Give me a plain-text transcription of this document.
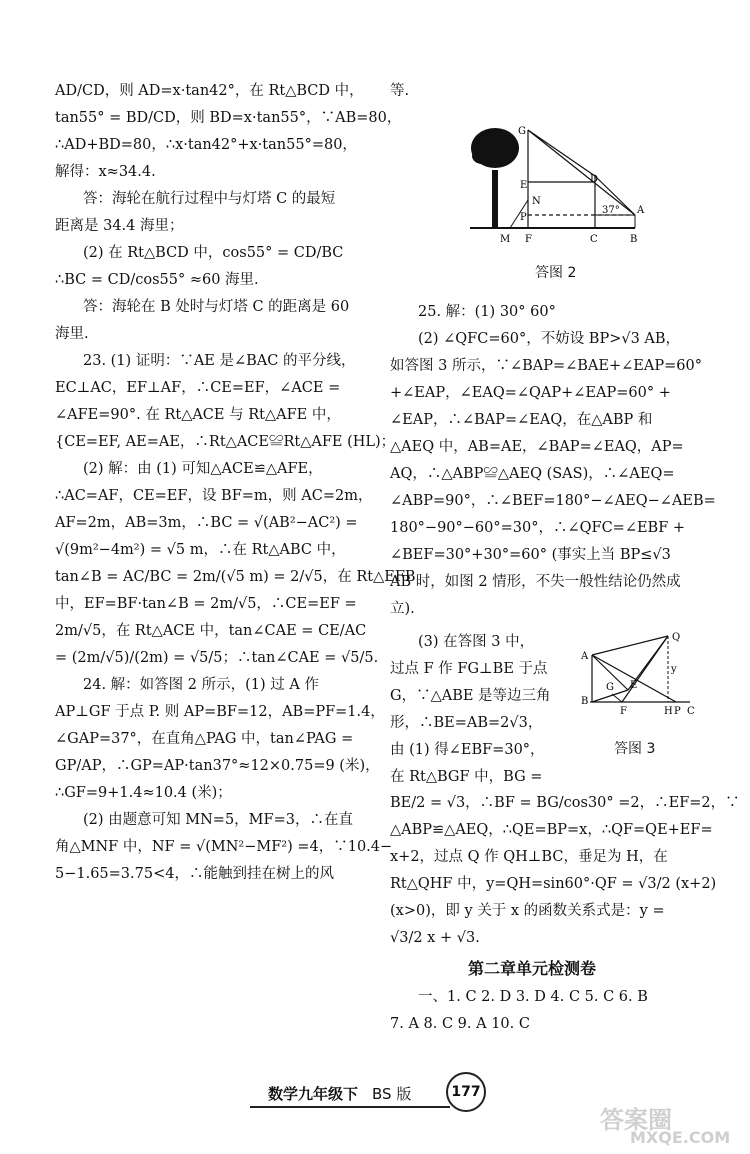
AD/CD，则 AD=x·tan42°，在 Rt△BCD 中，
tan55° = BD/CD，则 BD=x·tan55°，∵AB=80，
∴AD+BD=80，∴x·tan42°+x·tan55°=80，
解得：x≈34.4.
答：海轮在航行过程中与灯塔 C 的最短
距离是 34.4 海里；
(2) 在 Rt△BCD 中，cos55° = CD/BC
∴BC = CD/cos55° ≈60 海里.
答：海轮在 B 处时与灯塔 C 的距离是 60
海里.
23. (1) 证明：∵AE 是∠BAC 的平分线，
EC⊥AC，EF⊥AF，∴CE=EF，∠ACE =
∠AFE=90°. 在 Rt△ACE 与 Rt△AFE 中，
{CE=EF, AE=AE，∴Rt△ACE≌Rt△AFE (HL)；
(2) 解：由 (1) 可知△ACE≌△AFE，
∴AC=AF，CE=EF，设 BF=m，则 AC=2m，
AF=2m，AB=3m，∴BC = √(AB²−AC²) =
√(9m²−4m²) = √5 m，∴在 Rt△ABC 中，
tan∠B = AC/BC = 2m/(√5 m) = 2/√5，在 Rt△EFB
中，EF=BF·tan∠B = 2m/√5，∴CE=EF =
2m/√5，在 Rt△ACE 中，tan∠CAE = CE/AC
= (2m/√5)/(2m) = √5/5；∴tan∠CAE = √5/5.
24. 解：如答图 2 所示，(1) 过 A 作
AP⊥GF 于点 P. 则 AP=BF=12，AB=PF=1.4，
∠GAP=37°，在直角△PAG 中，tan∠PAG =
GP/AP，∴GP=AP·tan37°≈12×0.75=9 (米)，
∴GF=9+1.4≈10.4 (米)；
(2) 由题意可知 MN=5，MF=3，∴在直
角△MNF 中，NF = √(MN²−MF²) =4，∵10.4−
5−1.65=3.75<4，∴能触到挂在树上的风
等.
G
D
E
N
P
37° A
M F	C	B
答图 2
25. 解：(1) 30° 60°
(2) ∠QFC=60°，不妨设 BP>√3 AB，
如答图 3 所示，∵∠BAP=∠BAE+∠EAP=60°
+∠EAP，∠EAQ=∠QAP+∠EAP=60° +
∠EAP，∴∠BAP=∠EAQ，在△ABP 和
△AEQ 中，AB=AE，∠BAP=∠EAQ，AP=
AQ，∴△ABP≌△AEQ (SAS)，∴∠AEQ=
∠ABP=90°，∴∠BEF=180°−∠AEQ−∠AEB=
180°−90°−60°=30°，∴∠QFC=∠EBF +
∠BEF=30°+30°=60° (事实上当 BP≤√3
AB 时，如图 2 情形，不失一般性结论仍然成
立).
(3) 在答图 3 中，
过点 F 作 FG⊥BE 于点
G，∵△ABE 是等边三角
形，∴BE=AB=2√3，
由 (1) 得∠EBF=30°，
在 Rt△BGF 中，BG =
Q
A
y
G E
B
F	H P C
答图 3
BE/2 = √3，∴BF = BG/cos30° =2，∴EF=2，∵
△ABP≌△AEQ，∴QE=BP=x，∴QF=QE+EF=
x+2，过点 Q 作 QH⊥BC，垂足为 H，在
Rt△QHF 中，y=QH=sin60°·QF = √3/2 (x+2)
(x>0)，即 y 关于 x 的函数关系式是：y =
√3/2 x + √3.
第二章单元检测卷
一、1. C 2. D 3. D 4. C 5. C 6. B
7. A 8. C 9. A 10. C
数学九年级下 BS 版	177
答案圈
MXQE.COM
